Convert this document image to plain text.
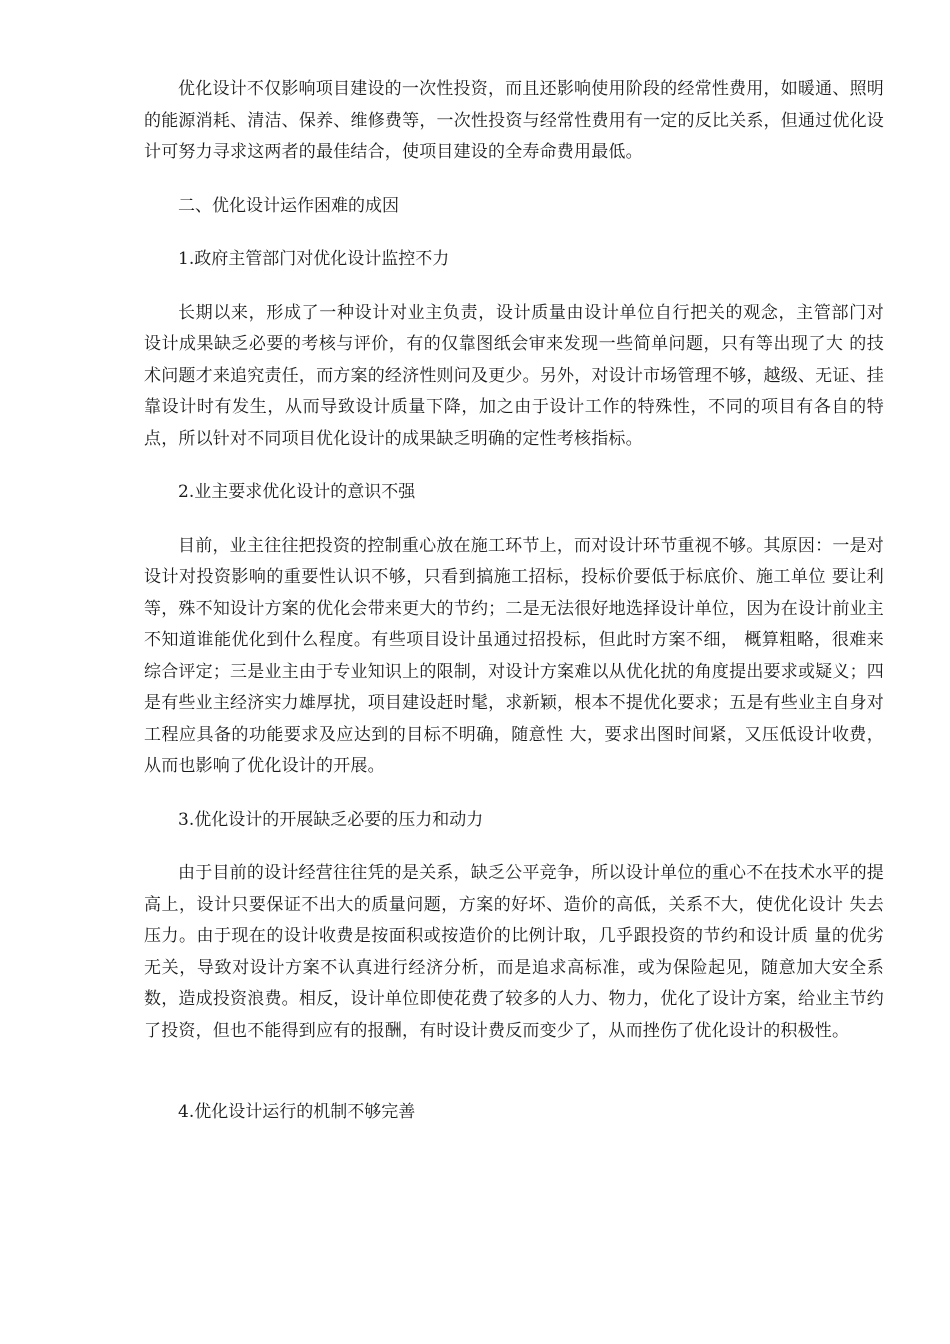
优化设计不仅影响项目建设的一次性投资，而且还影响使用阶段的经常性费用，如暖通、照明的能源消耗、清洁、保养、维修费等，一次性投资与经常性费用有一定的反比关系，但通过优化设计可努力寻求这两者的最佳结合，使项目建设的全寿命费用最低。

二、优化设计运作困难的成因

1.政府主管部门对优化设计监控不力

长期以来，形成了一种设计对业主负责，设计质量由设计单位自行把关的观念，主管部门对 设计成果缺乏必要的考核与评价，有的仅靠图纸会审来发现一些简单问题，只有等出现了大 的技术问题才来追究责任，而方案的经济性则问及更少。另外，对设计市场管理不够，越级、无证、挂靠设计时有发生，从而导致设计质量下降，加之由于设计工作的特殊性，不同的项目有各自的特点，所以针对不同项目优化设计的成果缺乏明确的定性考核指标。

2.业主要求优化设计的意识不强

目前，业主往往把投资的控制重心放在施工环节上，而对设计环节重视不够。其原因：一是对设计对投资影响的重要性认识不够，只看到搞施工招标，投标价要低于标底价、施工单位 要让利等，殊不知设计方案的优化会带来更大的节约；二是无法很好地选择设计单位，因为在设计前业主不知道谁能优化到什么程度。有些项目设计虽通过招投标，但此时方案不细， 概算粗略，很难来综合评定；三是业主由于专业知识上的限制，对设计方案难以从优化扰的角度提出要求或疑义；四是有些业主经济实力雄厚扰，项目建设赶时髦，求新颖，根本不提优化要求；五是有些业主自身对工程应具备的功能要求及应达到的目标不明确，随意性 大，要求出图时间紧，又压低设计收费，从而也影响了优化设计的开展。

3.优化设计的开展缺乏必要的压力和动力

由于目前的设计经营往往凭的是关系，缺乏公平竞争，所以设计单位的重心不在技术水平的提高上，设计只要保证不出大的质量问题，方案的好坏、造价的高低，关系不大，使优化设计 失去压力。由于现在的设计收费是按面积或按造价的比例计取，几乎跟投资的节约和设计质 量的优劣无关，导致对设计方案不认真进行经济分析，而是追求高标准，或为保险起见，随意加大安全系数，造成投资浪费。相反，设计单位即使花费了较多的人力、物力，优化了设计方案，给业主节约了投资，但也不能得到应有的报酬，有时设计费反而变少了，从而挫伤了优化设计的积极性。

4.优化设计运行的机制不够完善
